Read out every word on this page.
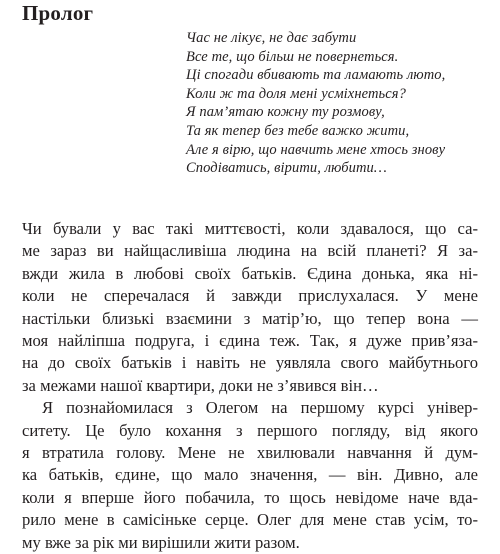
Пролог
Час не лікує, не дає забути
Все те, що більш не повернеться.
Ці спогади вбивають та ламають люто,
Коли ж та доля мені усміхнеться?
Я пам’ятаю кожну ту розмову,
Та як тепер без тебе важко жити,
Але я вірю, що навчить мене хтось знову
Сподіватись, вірити, любити…
Чи бували у вас такі миттєвості, коли здавалося, що са-
ме зараз ви найщасливіша людина на всій планеті? Я за-
вжди жила в любові своїх батьків. Єдина донька, яка ні-
коли не сперечалася й завжди прислухалася. У мене
настільки близькі взаємини з матір’ю, що тепер вона —
моя найліпша подруга, і єдина теж. Так, я дуже прив’яза-
на до своїх батьків і навіть не уявляла свого майбутнього
за межами нашої квартири, доки не з’явився він…
Я познайомилася з Олегом на першому курсі універ-
ситету. Це було кохання з першого погляду, від якого
я втратила голову. Мене не хвилювали навчання й дум-
ка батьків, єдине, що мало значення, — він. Дивно, але
коли я вперше його побачила, то щось невідоме наче вда-
рило мене в самісіньке серце. Олег для мене став усім, то-
му вже за рік ми вирішили жити разом.
